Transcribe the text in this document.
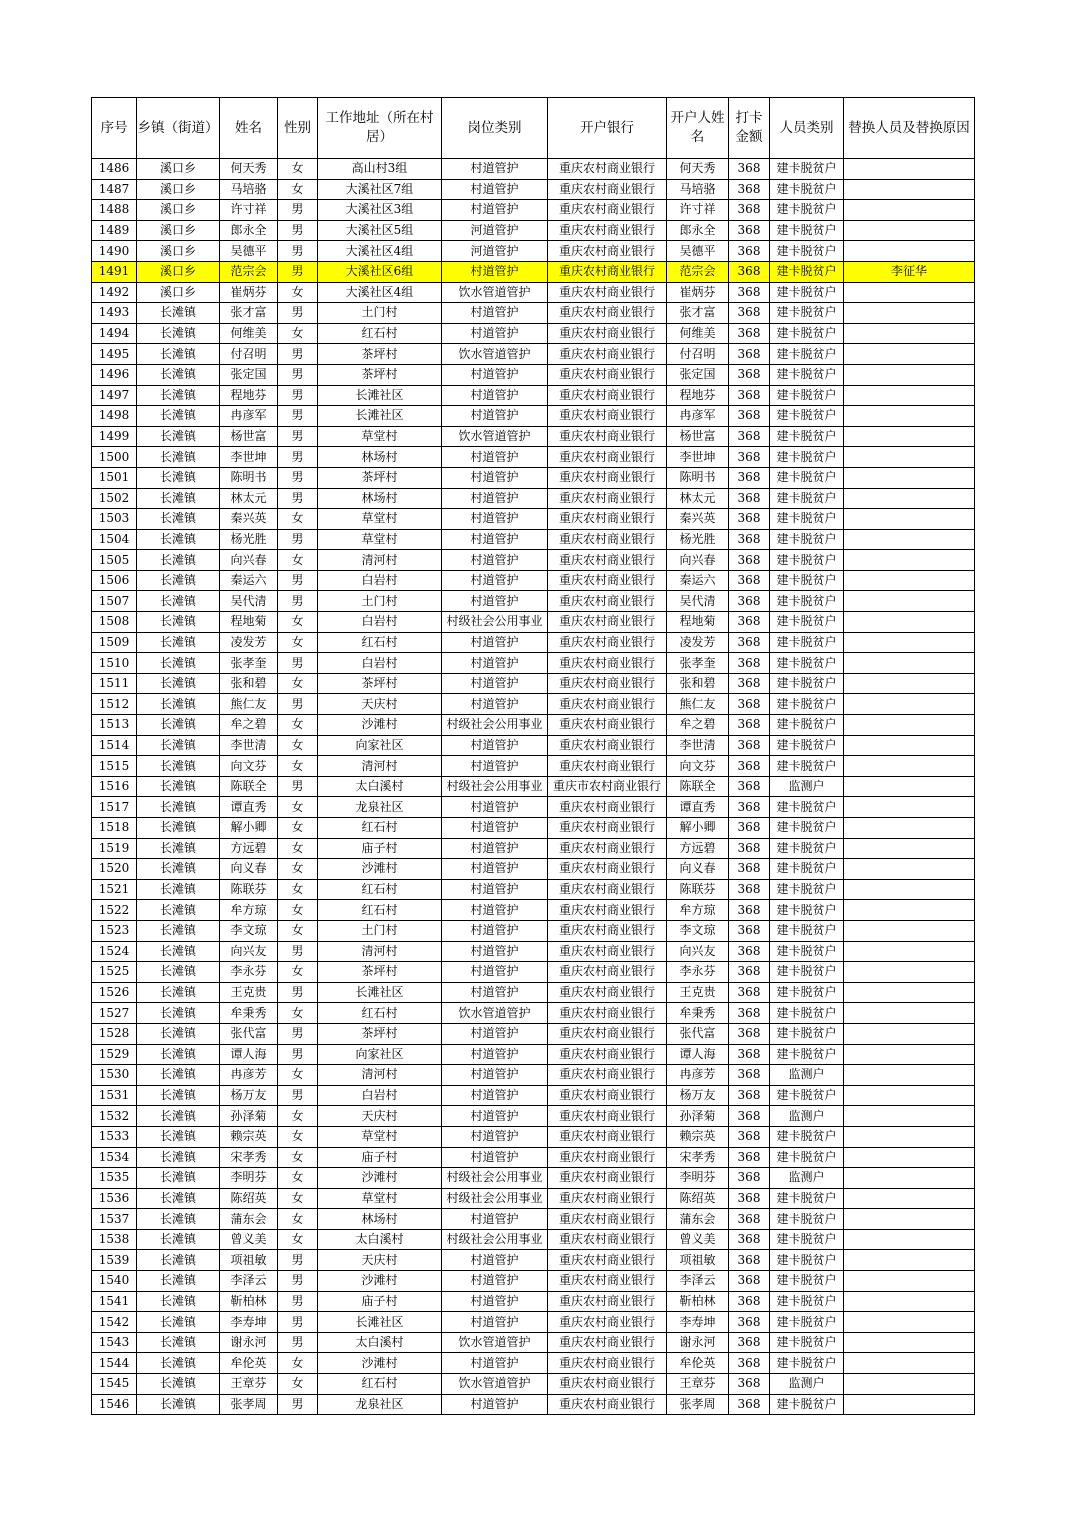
序号	乡镇（街道）	姓名	性别	工作地址（所在村居）	岗位类别	开户银行	开户人姓名	打卡金额	人员类别	替换人员及替换原因
1486	溪口乡	何天秀	女	高山村3组	村道管护	重庆农村商业银行	何天秀	368	建卡脱贫户	
1487	溪口乡	马培骆	女	大溪社区7组	村道管护	重庆农村商业银行	马培骆	368	建卡脱贫户	
1488	溪口乡	许寸祥	男	大溪社区3组	村道管护	重庆农村商业银行	许寸祥	368	建卡脱贫户	
1489	溪口乡	郎永全	男	大溪社区5组	河道管护	重庆农村商业银行	郎永全	368	建卡脱贫户	
1490	溪口乡	吴德平	男	大溪社区4组	河道管护	重庆农村商业银行	吴德平	368	建卡脱贫户	
1491	溪口乡	范宗会	男	大溪社区6组	村道管护	重庆农村商业银行	范宗会	368	建卡脱贫户	李征华
1492	溪口乡	崔炳芬	女	大溪社区4组	饮水管道管护	重庆农村商业银行	崔炳芬	368	建卡脱贫户	
1493	长滩镇	张才富	男	土门村	村道管护	重庆农村商业银行	张才富	368	建卡脱贫户	
1494	长滩镇	何维美	女	红石村	村道管护	重庆农村商业银行	何维美	368	建卡脱贫户	
1495	长滩镇	付召明	男	茶坪村	饮水管道管护	重庆农村商业银行	付召明	368	建卡脱贫户	
1496	长滩镇	张定国	男	茶坪村	村道管护	重庆农村商业银行	张定国	368	建卡脱贫户	
1497	长滩镇	程地芬	男	长滩社区	村道管护	重庆农村商业银行	程地芬	368	建卡脱贫户	
1498	长滩镇	冉彦军	男	长滩社区	村道管护	重庆农村商业银行	冉彦军	368	建卡脱贫户	
1499	长滩镇	杨世富	男	草堂村	饮水管道管护	重庆农村商业银行	杨世富	368	建卡脱贫户	
1500	长滩镇	李世坤	男	林场村	村道管护	重庆农村商业银行	李世坤	368	建卡脱贫户	
1501	长滩镇	陈明书	男	茶坪村	村道管护	重庆农村商业银行	陈明书	368	建卡脱贫户	
1502	长滩镇	林太元	男	林场村	村道管护	重庆农村商业银行	林太元	368	建卡脱贫户	
1503	长滩镇	秦兴英	女	草堂村	村道管护	重庆农村商业银行	秦兴英	368	建卡脱贫户	
1504	长滩镇	杨光胜	男	草堂村	村道管护	重庆农村商业银行	杨光胜	368	建卡脱贫户	
1505	长滩镇	向兴春	女	清河村	村道管护	重庆农村商业银行	向兴春	368	建卡脱贫户	
1506	长滩镇	秦运六	男	白岩村	村道管护	重庆农村商业银行	秦运六	368	建卡脱贫户	
1507	长滩镇	吴代清	男	土门村	村道管护	重庆农村商业银行	吴代清	368	建卡脱贫户	
1508	长滩镇	程地菊	女	白岩村	村级社会公用事业	重庆农村商业银行	程地菊	368	建卡脱贫户	
1509	长滩镇	凌发芳	女	红石村	村道管护	重庆农村商业银行	凌发芳	368	建卡脱贫户	
1510	长滩镇	张孝奎	男	白岩村	村道管护	重庆农村商业银行	张孝奎	368	建卡脱贫户	
1511	长滩镇	张和碧	女	茶坪村	村道管护	重庆农村商业银行	张和碧	368	建卡脱贫户	
1512	长滩镇	熊仁友	男	天庆村	村道管护	重庆农村商业银行	熊仁友	368	建卡脱贫户	
1513	长滩镇	牟之碧	女	沙滩村	村级社会公用事业	重庆农村商业银行	牟之碧	368	建卡脱贫户	
1514	长滩镇	李世清	女	向家社区	村道管护	重庆农村商业银行	李世清	368	建卡脱贫户	
1515	长滩镇	向文芬	女	清河村	村道管护	重庆农村商业银行	向文芬	368	建卡脱贫户	
1516	长滩镇	陈联全	男	太白溪村	村级社会公用事业	重庆市农村商业银行	陈联全	368	监测户	
1517	长滩镇	谭直秀	女	龙泉社区	村道管护	重庆农村商业银行	谭直秀	368	建卡脱贫户	
1518	长滩镇	解小卿	女	红石村	村道管护	重庆农村商业银行	解小卿	368	建卡脱贫户	
1519	长滩镇	方远碧	女	庙子村	村道管护	重庆农村商业银行	方远碧	368	建卡脱贫户	
1520	长滩镇	向义春	女	沙滩村	村道管护	重庆农村商业银行	向义春	368	建卡脱贫户	
1521	长滩镇	陈联芬	女	红石村	村道管护	重庆农村商业银行	陈联芬	368	建卡脱贫户	
1522	长滩镇	牟方琼	女	红石村	村道管护	重庆农村商业银行	牟方琼	368	建卡脱贫户	
1523	长滩镇	李文琼	女	土门村	村道管护	重庆农村商业银行	李文琼	368	建卡脱贫户	
1524	长滩镇	向兴友	男	清河村	村道管护	重庆农村商业银行	向兴友	368	建卡脱贫户	
1525	长滩镇	李永芬	女	茶坪村	村道管护	重庆农村商业银行	李永芬	368	建卡脱贫户	
1526	长滩镇	王克贵	男	长滩社区	村道管护	重庆农村商业银行	王克贵	368	建卡脱贫户	
1527	长滩镇	牟秉秀	女	红石村	饮水管道管护	重庆农村商业银行	牟秉秀	368	建卡脱贫户	
1528	长滩镇	张代富	男	茶坪村	村道管护	重庆农村商业银行	张代富	368	建卡脱贫户	
1529	长滩镇	谭人海	男	向家社区	村道管护	重庆农村商业银行	谭人海	368	建卡脱贫户	
1530	长滩镇	冉彦芳	女	清河村	村道管护	重庆农村商业银行	冉彦芳	368	监测户	
1531	长滩镇	杨万友	男	白岩村	村道管护	重庆农村商业银行	杨万友	368	建卡脱贫户	
1532	长滩镇	孙泽菊	女	天庆村	村道管护	重庆农村商业银行	孙泽菊	368	监测户	
1533	长滩镇	赖宗英	女	草堂村	村道管护	重庆农村商业银行	赖宗英	368	建卡脱贫户	
1534	长滩镇	宋孝秀	女	庙子村	村道管护	重庆农村商业银行	宋孝秀	368	建卡脱贫户	
1535	长滩镇	李明芬	女	沙滩村	村级社会公用事业	重庆农村商业银行	李明芬	368	监测户	
1536	长滩镇	陈绍英	女	草堂村	村级社会公用事业	重庆农村商业银行	陈绍英	368	建卡脱贫户	
1537	长滩镇	蒲东会	女	林场村	村道管护	重庆农村商业银行	蒲东会	368	建卡脱贫户	
1538	长滩镇	曾义美	女	太白溪村	村级社会公用事业	重庆农村商业银行	曾义美	368	建卡脱贫户	
1539	长滩镇	项祖敏	男	天庆村	村道管护	重庆农村商业银行	项祖敏	368	建卡脱贫户	
1540	长滩镇	李泽云	男	沙滩村	村道管护	重庆农村商业银行	李泽云	368	建卡脱贫户	
1541	长滩镇	靳柏林	男	庙子村	村道管护	重庆农村商业银行	靳柏林	368	建卡脱贫户	
1542	长滩镇	李寿坤	男	长滩社区	村道管护	重庆农村商业银行	李寿坤	368	建卡脱贫户	
1543	长滩镇	谢永河	男	太白溪村	饮水管道管护	重庆农村商业银行	谢永河	368	建卡脱贫户	
1544	长滩镇	牟伦英	女	沙滩村	村道管护	重庆农村商业银行	牟伦英	368	建卡脱贫户	
1545	长滩镇	王章芬	女	红石村	饮水管道管护	重庆农村商业银行	王章芬	368	监测户	
1546	长滩镇	张孝周	男	龙泉社区	村道管护	重庆农村商业银行	张孝周	368	建卡脱贫户	
